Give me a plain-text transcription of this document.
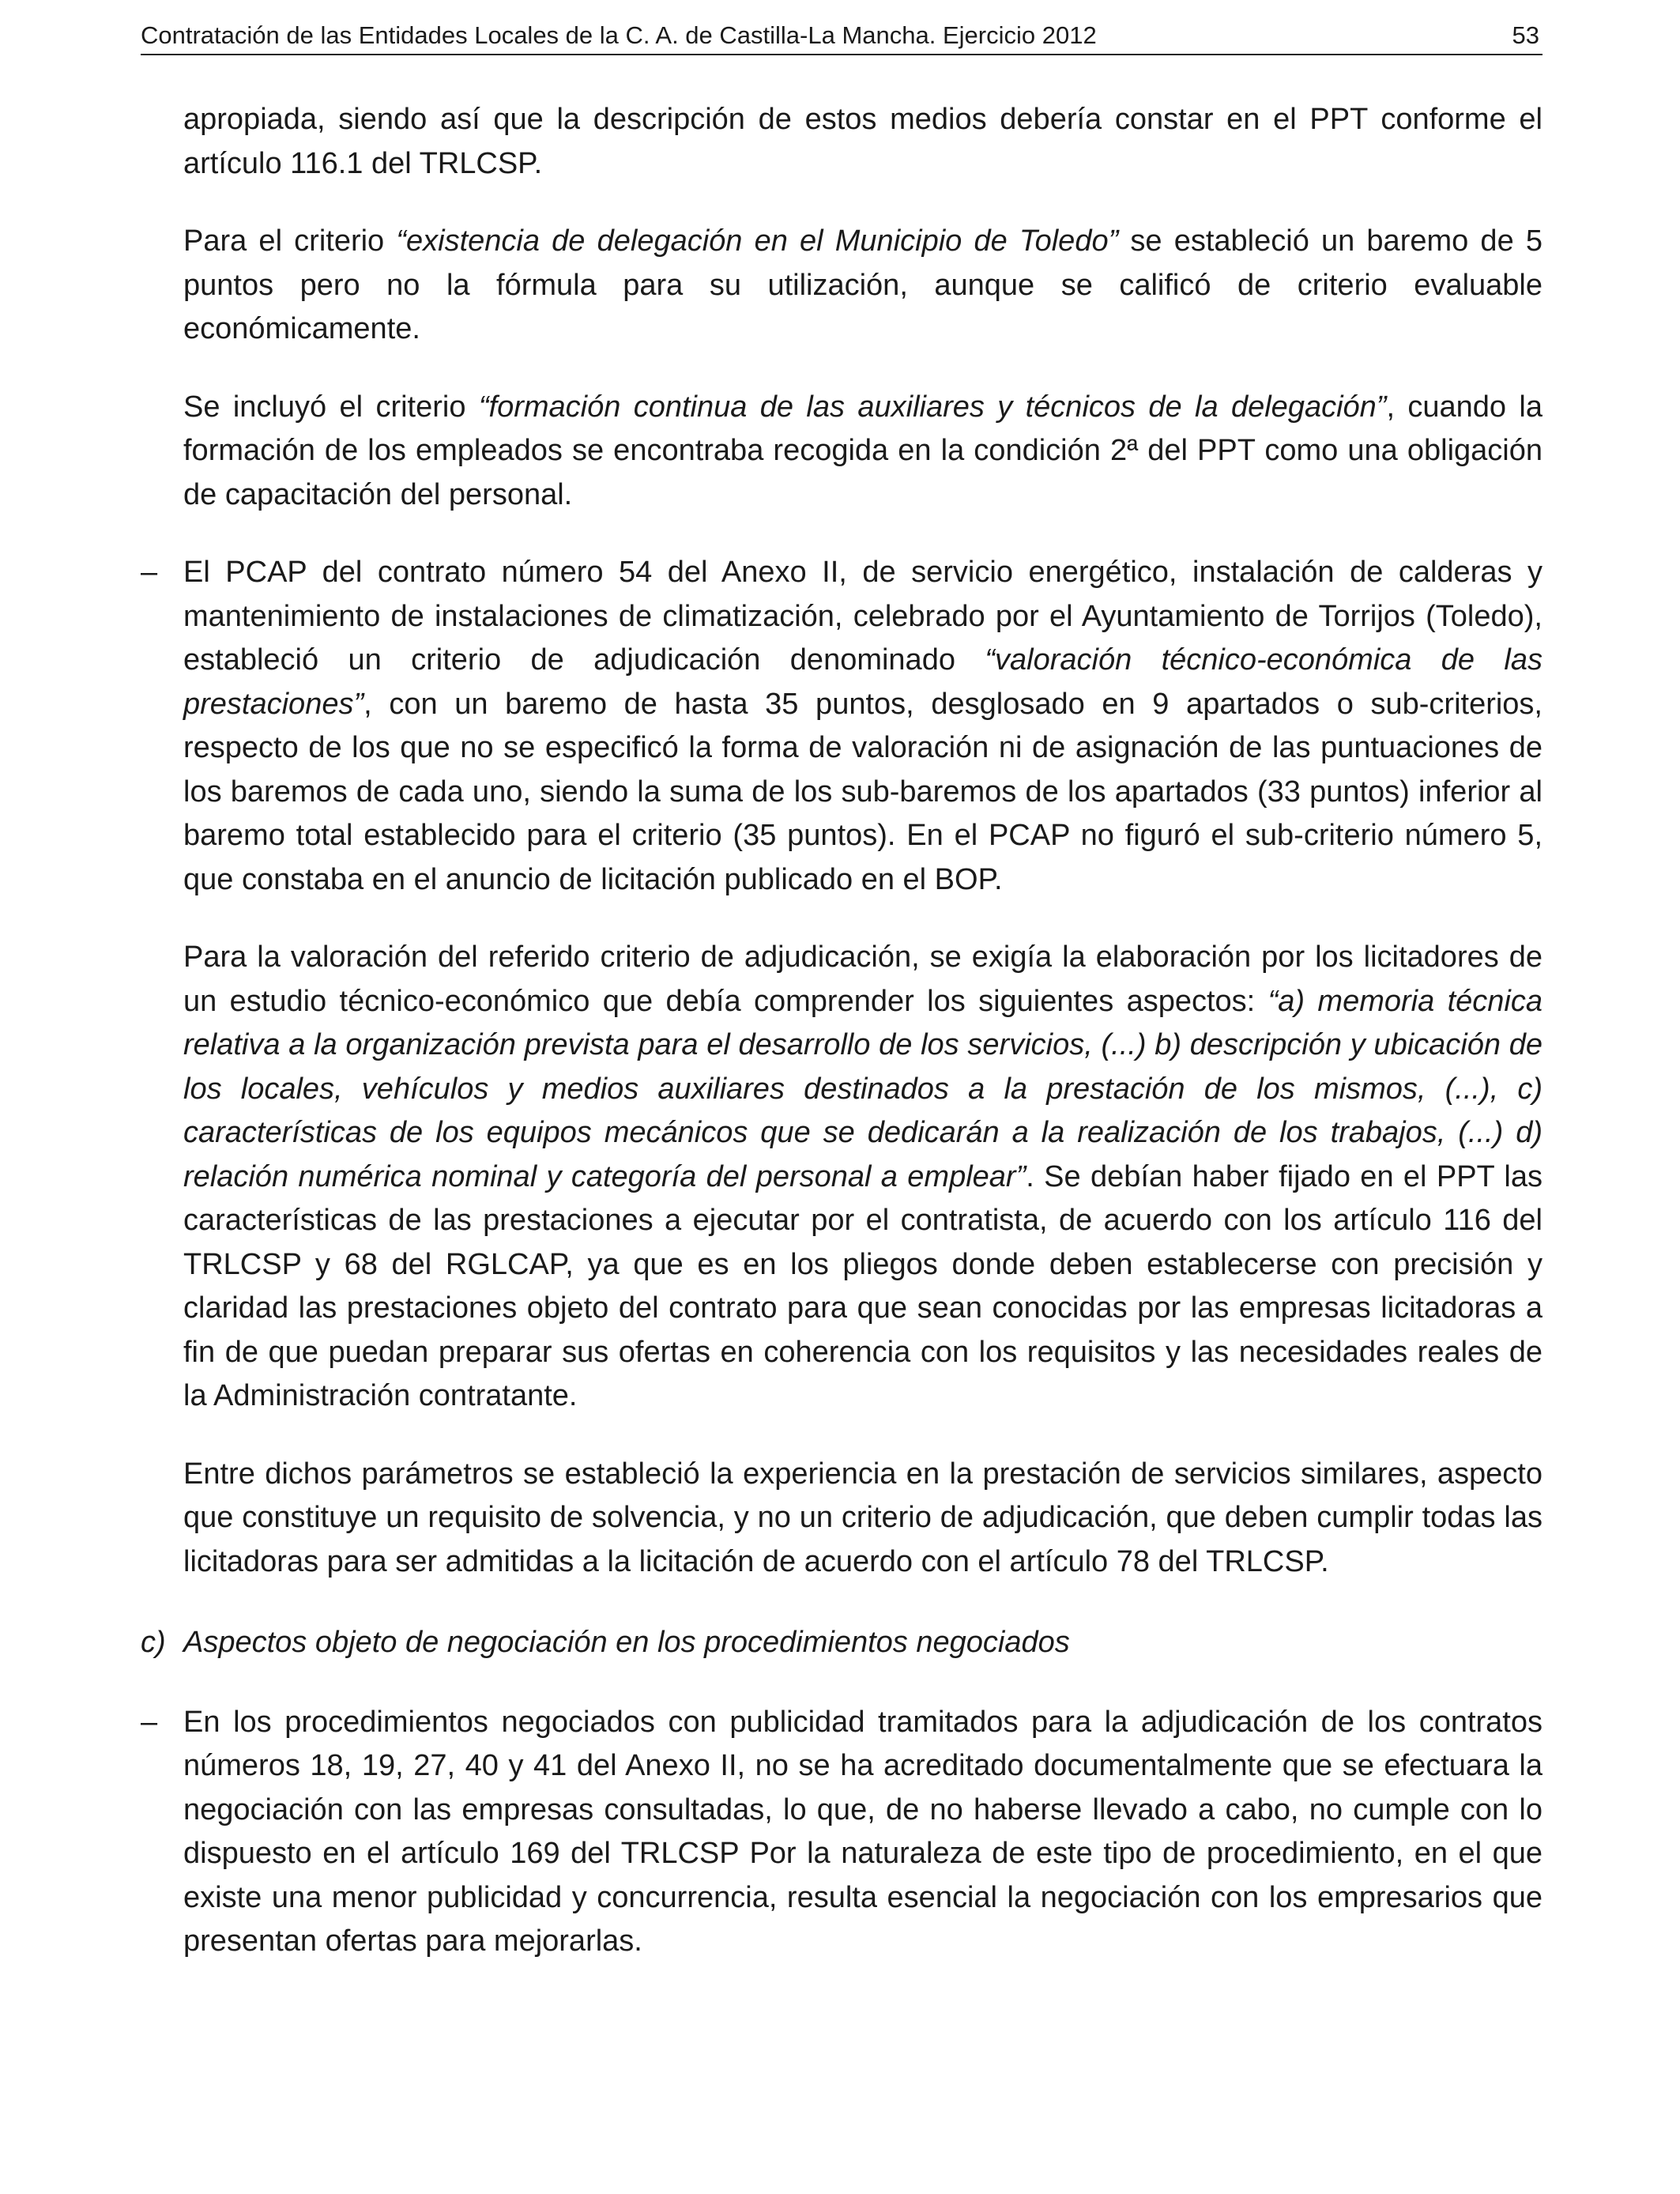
Contratación de las Entidades Locales de la C. A. de Castilla-La Mancha. Ejercicio 2012	53

apropiada, siendo así que la descripción de estos medios debería constar en el PPT conforme el artículo 116.1 del TRLCSP.

Para el criterio “existencia de delegación en el Municipio de Toledo” se estableció un baremo de 5 puntos pero no la fórmula para su utilización, aunque se calificó de criterio evaluable económicamente.

Se incluyó el criterio “formación continua de las auxiliares y técnicos de la delegación”, cuando la formación de los empleados se encontraba recogida en la condición 2ª del PPT como una obligación de capacitación del personal.

– El PCAP del contrato número 54 del Anexo II, de servicio energético, instalación de calderas y mantenimiento de instalaciones de climatización, celebrado por el Ayuntamiento de Torrijos (Toledo), estableció un criterio de adjudicación denominado “valoración técnico-económica de las prestaciones”, con un baremo de hasta 35 puntos, desglosado en 9 apartados o sub-criterios, respecto de los que no se especificó la forma de valoración ni de asignación de las puntuaciones de los baremos de cada uno, siendo la suma de los sub-baremos de los apartados (33 puntos) inferior al baremo total establecido para el criterio (35 puntos). En el PCAP no figuró el sub-criterio número 5, que constaba en el anuncio de licitación publicado en el BOP.

Para la valoración del referido criterio de adjudicación, se exigía la elaboración por los licitadores de un estudio técnico-económico que debía comprender los siguientes aspectos: “a) memoria técnica relativa a la organización prevista para el desarrollo de los servicios, (...) b) descripción y ubicación de los locales, vehículos y medios auxiliares destinados a la prestación de los mismos, (...), c) características de los equipos mecánicos que se dedicarán a la realización de los trabajos, (...) d) relación numérica nominal y categoría del personal a emplear”. Se debían haber fijado en el PPT las características de las prestaciones a ejecutar por el contratista, de acuerdo con los artículo 116 del TRLCSP y 68 del RGLCAP, ya que es en los pliegos donde deben establecerse con precisión y claridad las prestaciones objeto del contrato para que sean conocidas por las empresas licitadoras a fin de que puedan preparar sus ofertas en coherencia con los requisitos y las necesidades reales de la Administración contratante.

Entre dichos parámetros se estableció la experiencia en la prestación de servicios similares, aspecto que constituye un requisito de solvencia, y no un criterio de adjudicación, que deben cumplir todas las licitadoras para ser admitidas a la licitación de acuerdo con el artículo 78 del TRLCSP.

c) Aspectos objeto de negociación en los procedimientos negociados

– En los procedimientos negociados con publicidad tramitados para la adjudicación de los contratos números 18, 19, 27, 40 y 41 del Anexo II, no se ha acreditado documentalmente que se efectuara la negociación con las empresas consultadas, lo que, de no haberse llevado a cabo, no cumple con lo dispuesto en el artículo 169 del TRLCSP Por la naturaleza de este tipo de procedimiento, en el que existe una menor publicidad y concurrencia, resulta esencial la negociación con los empresarios que presentan ofertas para mejorarlas.
